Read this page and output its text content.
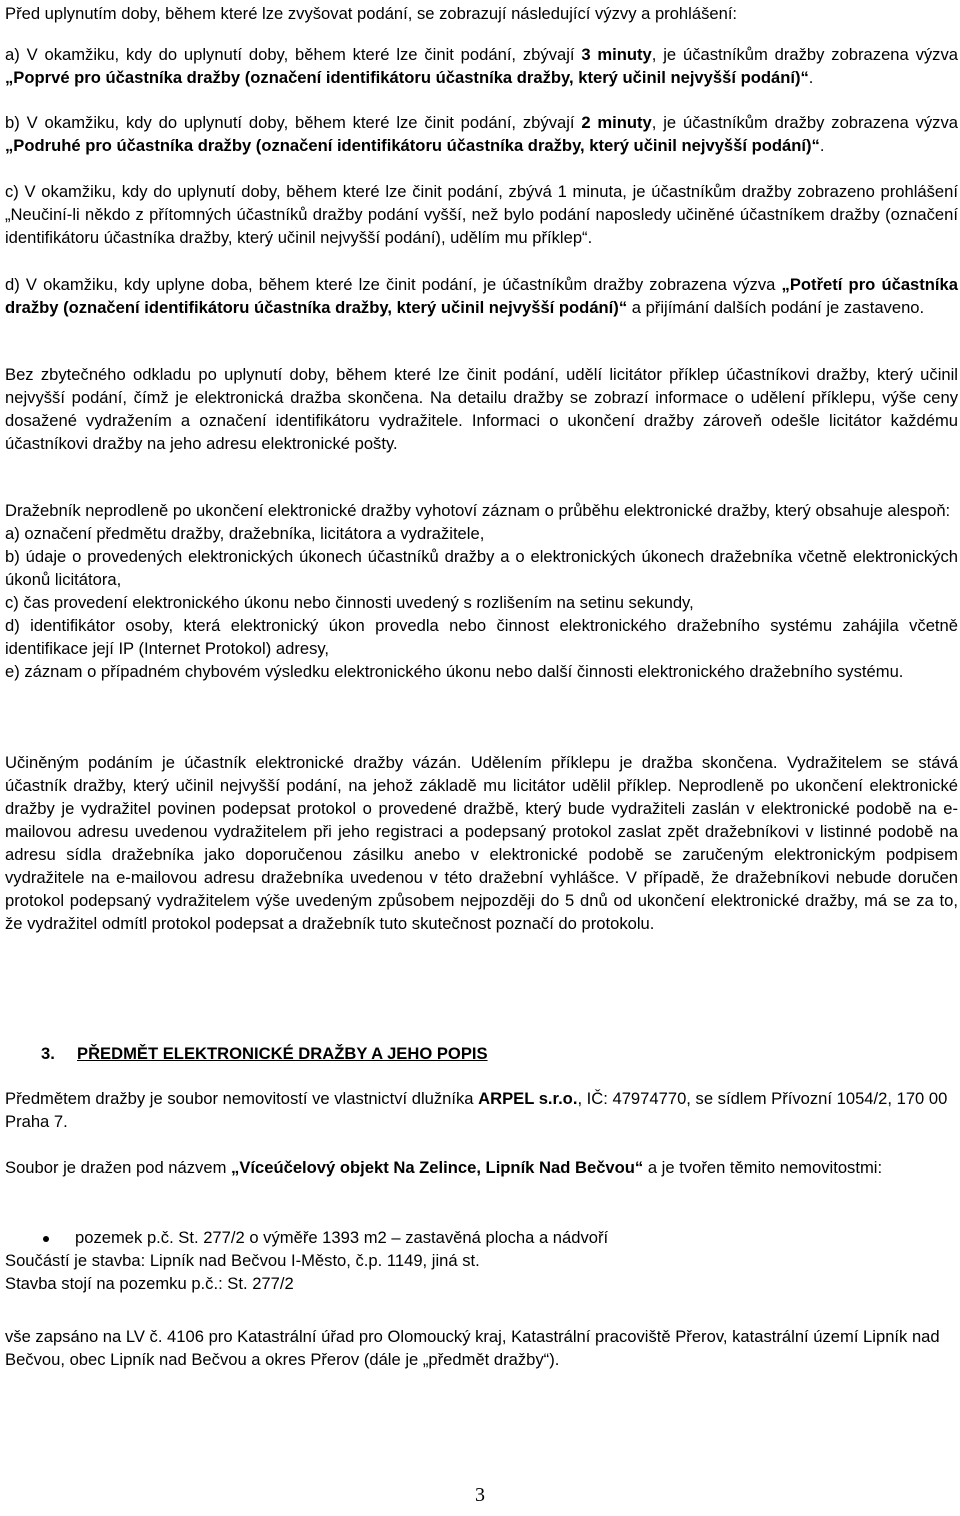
Před uplynutím doby, během které lze zvyšovat podání, se zobrazují následující výzvy a prohlášení:

a) V okamžiku, kdy do uplynutí doby, během které lze činit podání, zbývají 3 minuty, je účastníkům dražby zobrazena výzva „Poprvé pro účastníka dražby (označení identifikátoru účastníka dražby, který učinil nejvyšší podání)“.

b) V okamžiku, kdy do uplynutí doby, během které lze činit podání, zbývají 2 minuty, je účastníkům dražby zobrazena výzva „Podruhé pro účastníka dražby (označení identifikátoru účastníka dražby, který učinil nejvyšší podání)“.

c) V okamžiku, kdy do uplynutí doby, během které lze činit podání, zbývá 1 minuta, je účastníkům dražby zobrazeno prohlášení „Neučiní-li někdo z přítomných účastníků dražby podání vyšší, než bylo podání naposledy učiněné účastníkem dražby (označení identifikátoru účastníka dražby, který učinil nejvyšší podání), udělím mu příklep“.

d) V okamžiku, kdy uplyne doba, během které lze činit podání, je účastníkům dražby zobrazena výzva „Potřetí pro účastníka dražby (označení identifikátoru účastníka dražby, který učinil nejvyšší podání)“ a přijímání dalších podání je zastaveno.

Bez zbytečného odkladu po uplynutí doby, během které lze činit podání, udělí licitátor příklep účastníkovi dražby, který učinil nejvyšší podání, čímž je elektronická dražba skončena. Na detailu dražby se zobrazí informace o udělení příklepu, výše ceny dosažené vydražením a označení identifikátoru vydražitele. Informaci o ukončení dražby zároveň odešle licitátor každému účastníkovi dražby na jeho adresu elektronické pošty.

Dražebník neprodleně po ukončení elektronické dražby vyhotoví záznam o průběhu elektronické dražby, který obsahuje alespoň:

a) označení předmětu dražby, dražebníka, licitátora a vydražitele,

b) údaje o provedených elektronických úkonech účastníků dražby a o elektronických úkonech dražebníka včetně elektronických úkonů licitátora,

c) čas provedení elektronického úkonu nebo činnosti uvedený s rozlišením na setinu sekundy,

d) identifikátor osoby, která elektronický úkon provedla nebo činnost elektronického dražebního systému zahájila včetně identifikace její IP (Internet Protokol) adresy,

e) záznam o případném chybovém výsledku elektronického úkonu nebo další činnosti elektronického dražebního systému.

Učiněným podáním je účastník elektronické dražby vázán. Udělením příklepu je dražba skončena. Vydražitelem se stává účastník dražby, který učinil nejvyšší podání, na jehož základě mu licitátor udělil příklep. Neprodleně po ukončení elektronické dražby je vydražitel povinen podepsat protokol o provedené dražbě, který bude vydražiteli zaslán v elektronické podobě na e-mailovou adresu uvedenou vydražitelem při jeho registraci a podepsaný protokol zaslat zpět dražebníkovi v listinné podobě na adresu sídla dražebníka jako doporučenou zásilku anebo v elektronické podobě se zaručeným elektronickým podpisem vydražitele na e-mailovou adresu dražebníka uvedenou v této dražební vyhlášce. V případě, že dražebníkovi nebude doručen protokol podepsaný vydražitelem výše uvedeným způsobem nejpozději do 5 dnů od ukončení elektronické dražby, má se za to, že vydražitel odmítl protokol podepsat a dražebník tuto skutečnost poznačí do protokolu.

3. PŘEDMĚT ELEKTRONICKÉ DRAŽBY A JEHO POPIS

Předmětem dražby je soubor nemovitostí ve vlastnictví dlužníka ARPEL s.r.o., IČ: 47974770, se sídlem Přívozní 1054/2, 170 00 Praha 7.

Soubor je dražen pod názvem „Víceúčelový objekt Na Zelince, Lipník Nad Bečvou“ a je tvořen těmito nemovitostmi:

pozemek p.č. St. 277/2 o výměře 1393 m2 – zastavěná plocha a nádvoří

Součástí je stavba: Lipník nad Bečvou I-Město, č.p. 1149, jiná st.

Stavba stojí na pozemku p.č.: St. 277/2

vše zapsáno na LV č. 4106 pro Katastrální úřad pro Olomoucký kraj, Katastrální pracoviště Přerov, katastrální území Lipník nad Bečvou, obec Lipník nad Bečvou a okres Přerov (dále je „předmět dražby“).

3
